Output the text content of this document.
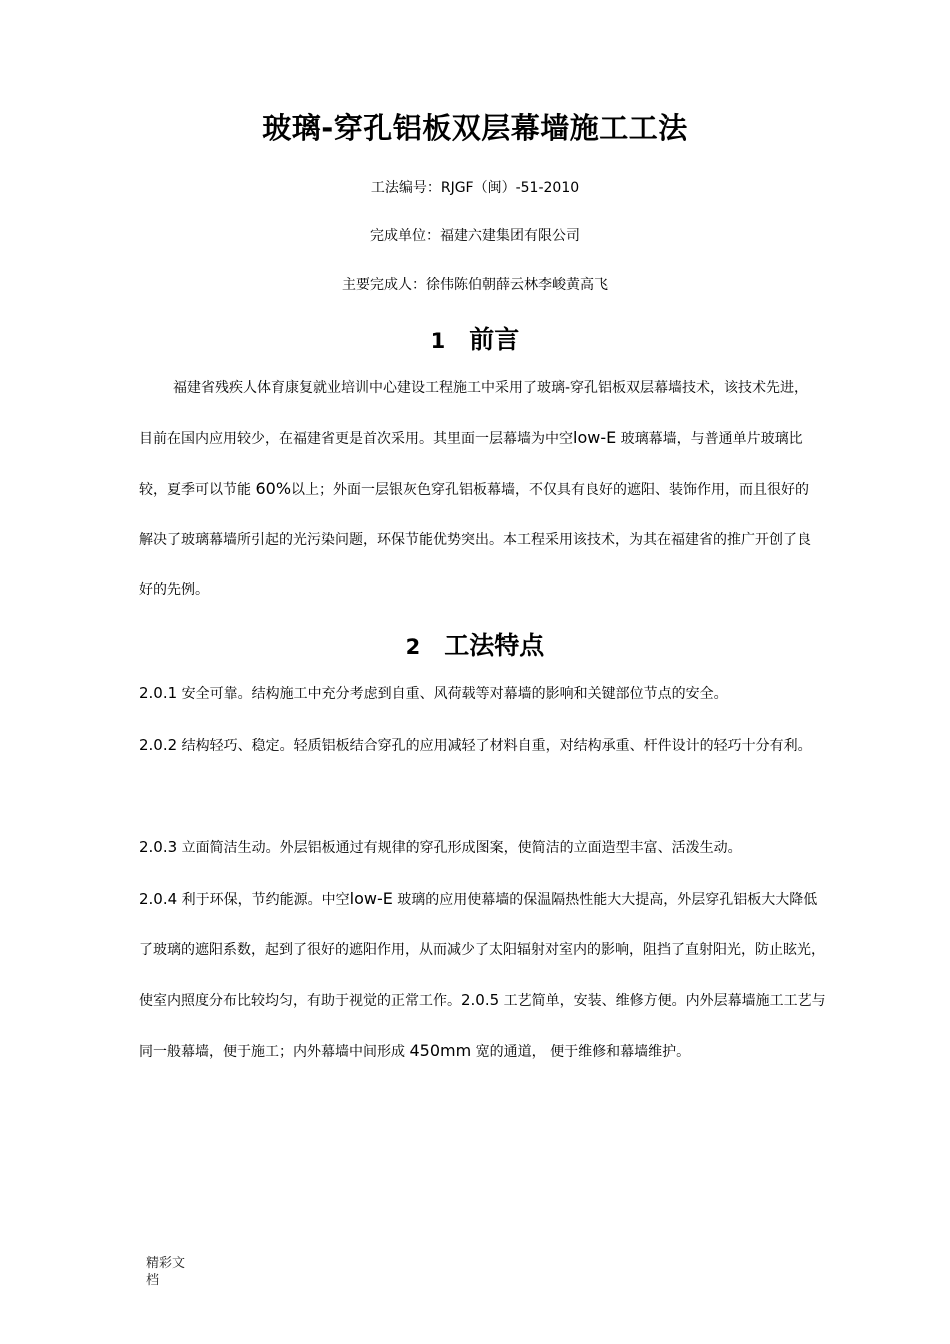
玻璃-穿孔铝板双层幕墙施工工法
工法编号：RJGF（闽）-51-2010
完成单位：福建六建集团有限公司
主要完成人：徐伟陈伯朝薛云林李峻黄高飞
1 前言

福建省残疾人体育康复就业培训中心建设工程施工中采用了玻璃-穿孔铝板双层幕墙技术，该技术先进，目前在国内应用较少，在福建省更是首次采用。其里面一层幕墙为中空low-E 玻璃幕墙，与普通单片玻璃比较，夏季可以节能 60%以上；外面一层银灰色穿孔铝板幕墙，不仅具有良好的遮阳、装饰作用，而且很好的解决了玻璃幕墙所引起的光污染问题，环保节能优势突出。本工程采用该技术，为其在福建省的推广开创了良好的先例。

2 工法特点

2.0.1 安全可靠。结构施工中充分考虑到自重、风荷载等对幕墙的影响和关键部位节点的安全。

2.0.2 结构轻巧、稳定。轻质铝板结合穿孔的应用减轻了材料自重，对结构承重、杆件设计的轻巧十分有利。

2.0.3 立面简洁生动。外层铝板通过有规律的穿孔形成图案，使简洁的立面造型丰富、活泼生动。

2.0.4 利于环保，节约能源。中空low-E 玻璃的应用使幕墙的保温隔热性能大大提高，外层穿孔铝板大大降低了玻璃的遮阳系数，起到了很好的遮阳作用，从而减少了太阳辐射对室内的影响，阻挡了直射阳光，防止眩光，使室内照度分布比较均匀，有助于视觉的正常工作。2.0.5 工艺简单，安装、维修方便。内外层幕墙施工工艺与同一般幕墙，便于施工；内外幕墙中间形成 450mm 宽的通道， 便于维修和幕墙维护。

精彩文档
